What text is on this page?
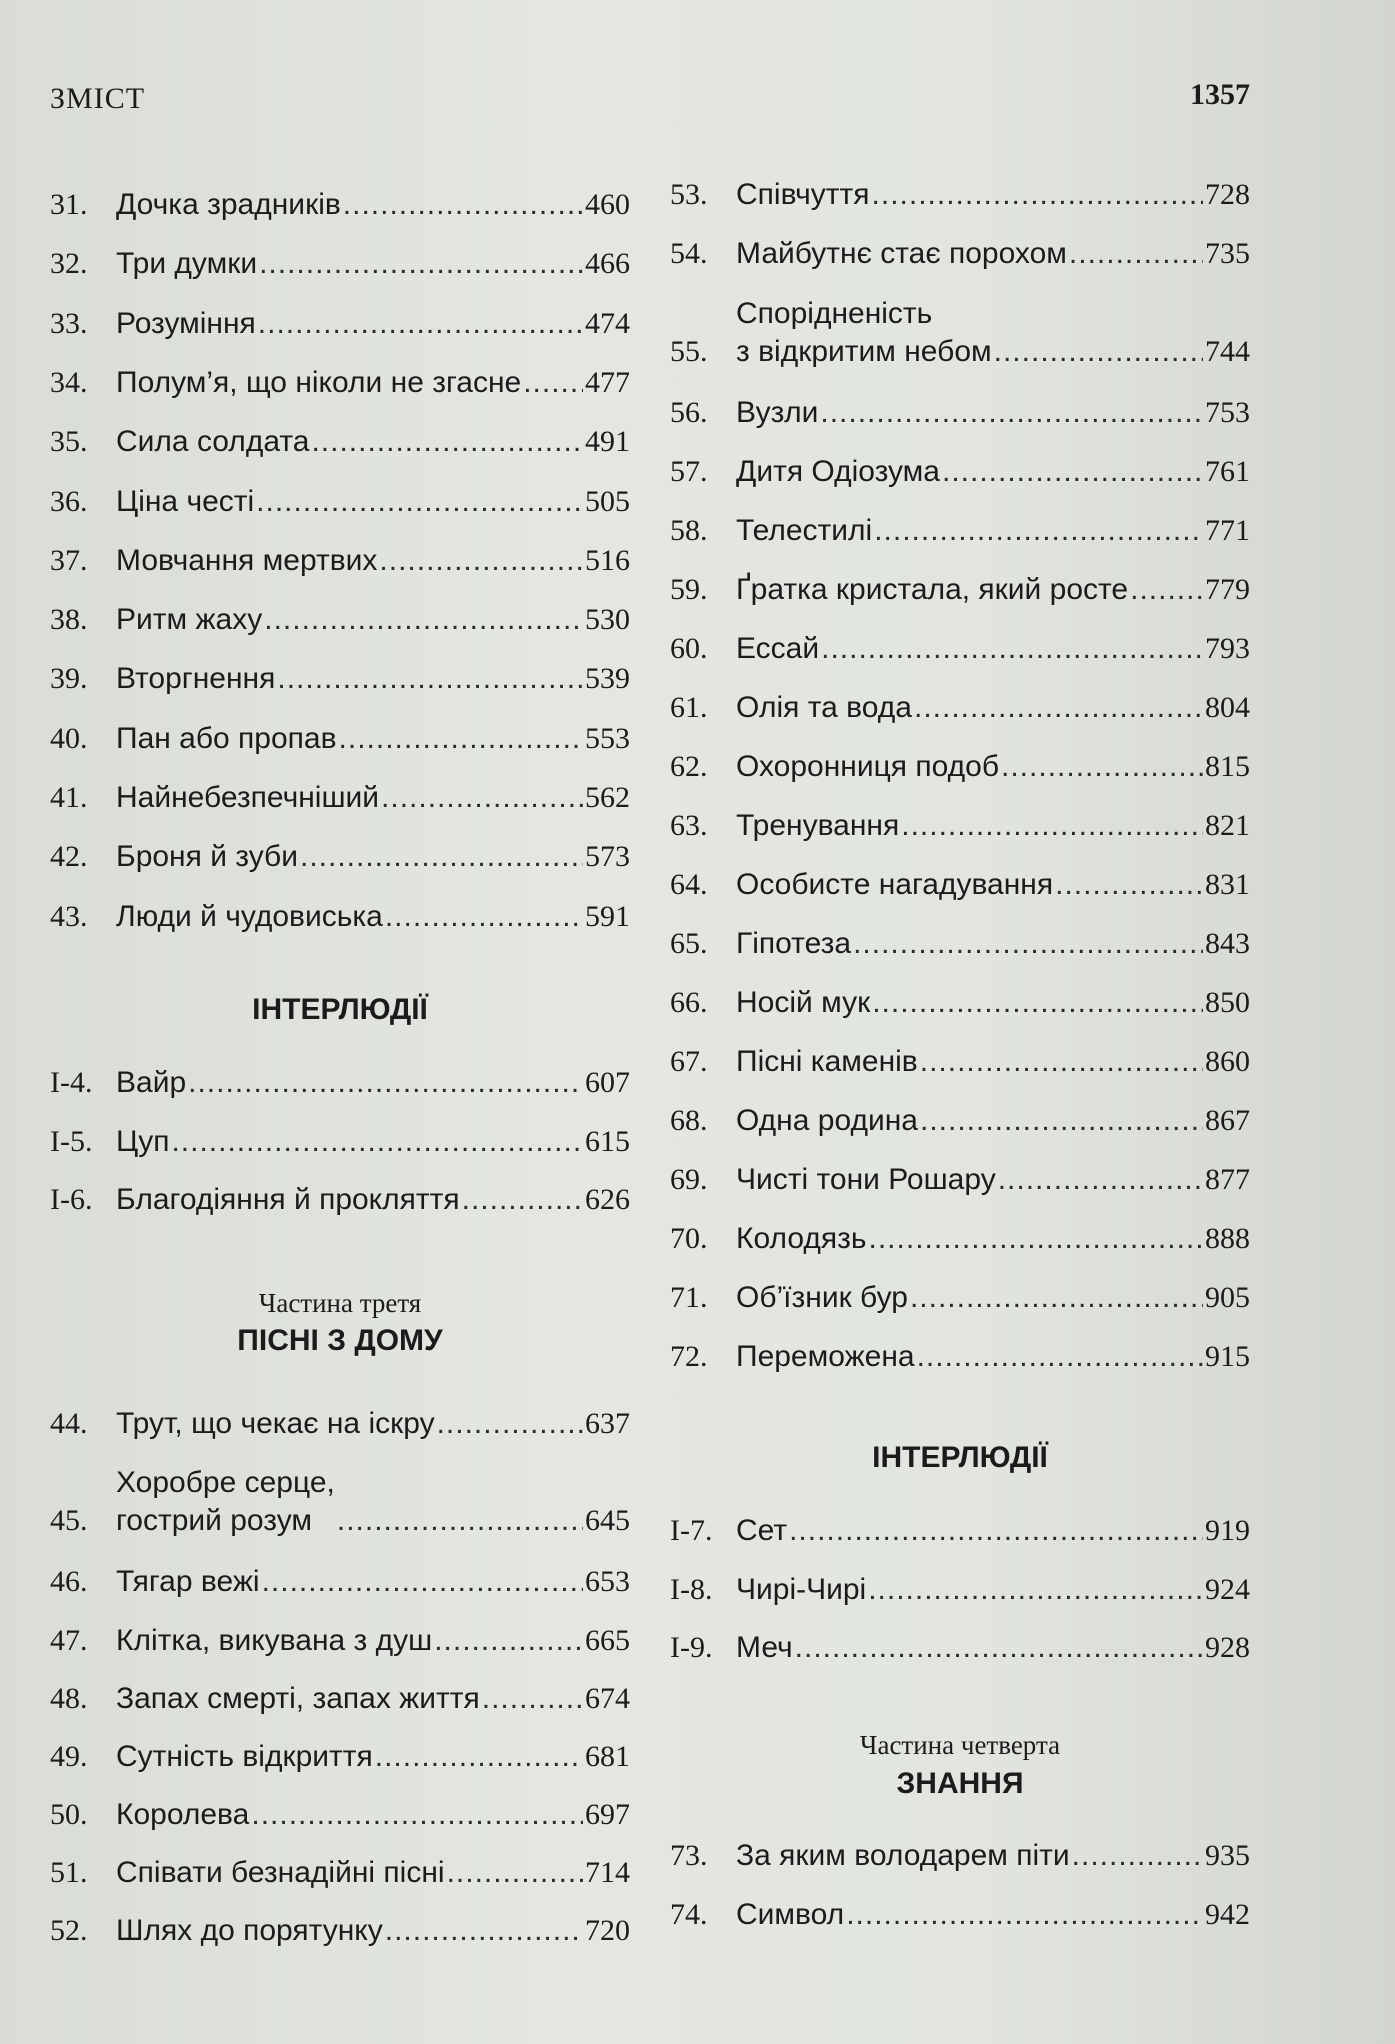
ЗМІСТ	1357
31. Дочка зрадників .....	460
32. Три думки .....	466
33. Розуміння .....	474
34. Полум’я, що ніколи не згасне ..... 477
35. Сила солдата .....	491
36. Ціна честі .....	505
37. Мовчання мертвих .....	516
38. Ритм жаху .....	530
39. Вторгнення .....	539
40. Пан або пропав .....	553
41. Найнебезпечніший .....	562
42. Броня й зуби .....	573
43. Люди й чудовиська .....	591
ІНТЕРЛЮДІЇ
I-4. Вайр .....	607
I-5. Цуп .....	615
I-6. Благодіяння й прокляття .....	626
Частина третя
ПІСНІ З ДОМУ
44. Трут, що чекає на іскру .....	637
45.
Хоробре серце,
гострий розум .....	645
46. Тягар вежі .....	653
47. Клітка, викувана з душ .....	665
48. Запах смерті, запах життя .....	674
49. Сутність відкриття .....	681
50. Королева .....	697
51. Співати безнадійні пісні .....	714
52. Шлях до порятунку .....	720
53. Співчуття .....	728
54. Майбутнє стає порохом .....	735
55.
Спорідненість
з відкритим небом .....	744
56. Вузли .....	753
57. Дитя Одіозума .....	761
58. Телестилі .....	771
59. Ґратка кристала, який росте .....	779
60. Ессай .....	793
61. Олія та вода .....	804
62. Охоронниця подоб .....	815
63. Тренування .....	821
64. Особисте нагадування .....	831
65. Гіпотеза .....	843
66. Носій мук .....	850
67. Пісні каменів .....	860
68. Одна родина .....	867
69. Чисті тони Рошару .....	877
70. Колодязь .....	888
71. Об’їзник бур .....	905
72. Переможена .....	915
ІНТЕРЛЮДІЇ
I-7. Сет .....	919
I-8. Чирі-Чирі .....	924
I-9. Меч .....	928
Частина четверта
ЗНАННЯ
73. За яким володарем піти .....	935
74. Символ .....	942
